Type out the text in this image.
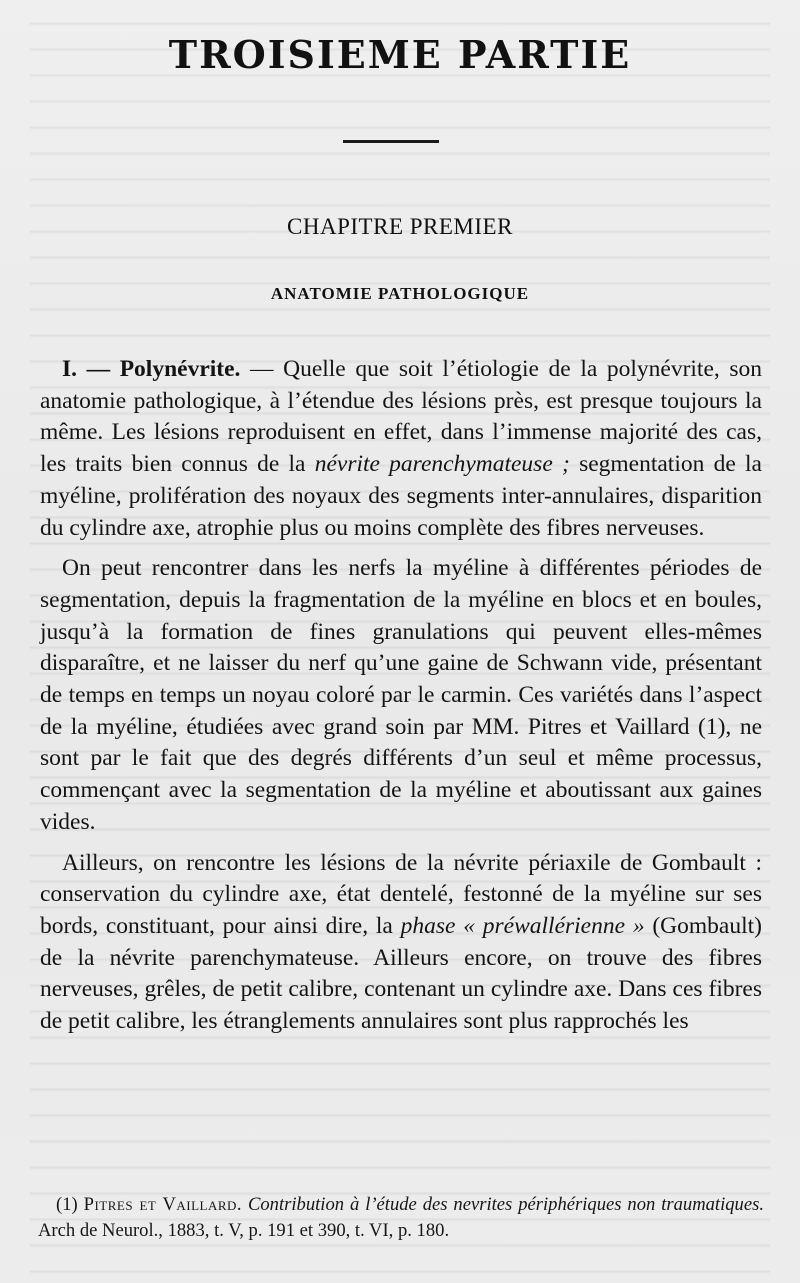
TROISIEME PARTIE
CHAPITRE PREMIER
ANATOMIE PATHOLOGIQUE

I. — Polynévrite. — Quelle que soit l’étiologie de la polynévrite, son anatomie pathologique, à l’étendue des lésions près, est presque toujours la même. Les lésions reproduisent en effet, dans l’immense majorité des cas, les traits bien connus de la névrite parenchymateuse ; segmentation de la myéline, prolifération des noyaux des segments inter-annulaires, disparition du cylindre axe, atrophie plus ou moins complète des fibres nerveuses.

On peut rencontrer dans les nerfs la myéline à différentes périodes de segmentation, depuis la fragmentation de la myéline en blocs et en boules, jusqu’à la formation de fines granulations qui peuvent elles-mêmes disparaître, et ne laisser du nerf qu’une gaine de Schwann vide, présentant de temps en temps un noyau coloré par le carmin. Ces variétés dans l’aspect de la myéline, étudiées avec grand soin par MM. Pitres et Vaillard (1), ne sont par le fait que des degrés différents d’un seul et même processus, commençant avec la segmentation de la myéline et aboutissant aux gaines vides.

Ailleurs, on rencontre les lésions de la névrite périaxile de Gombault : conservation du cylindre axe, état dentelé, festonné de la myéline sur ses bords, constituant, pour ainsi dire, la phase « préwallérienne » (Gombault) de la névrite parenchymateuse. Ailleurs encore, on trouve des fibres nerveuses, grêles, de petit calibre, contenant un cylindre axe. Dans ces fibres de petit calibre, les étranglements annulaires sont plus rapprochés les

(1) Pitres et Vaillard. Contribution à l’étude des nevrites périphériques non traumatiques. Arch de Neurol., 1883, t. V, p. 191 et 390, t. VI, p. 180.
